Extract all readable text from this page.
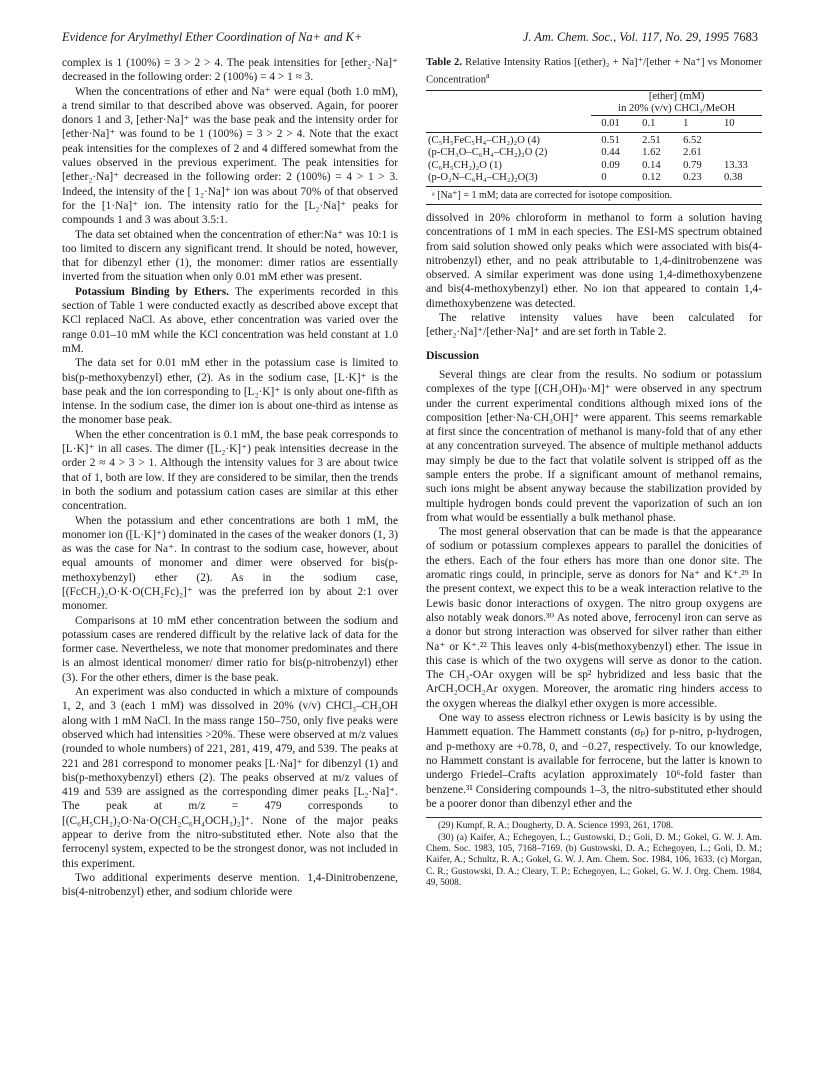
Evidence for Arylmethyl Ether Coordination of Na+ and K+	J. Am. Chem. Soc., Vol. 117, No. 29, 1995 7683

complex is 1 (100%) = 3 > 2 > 4. The peak intensities for [ether₂·Na]⁺ decreased in the following order: 2 (100%) = 4 > 1 ≈ 3.

When the concentrations of ether and Na⁺ were equal (both 1.0 mM), a trend similar to that described above was observed. Again, for poorer donors 1 and 3, [ether·Na]⁺ was the base peak and the intensity order for [ether·Na]⁺ was found to be 1 (100%) = 3 > 2 > 4. Note that the exact peak intensities for the complexes of 2 and 4 differed somewhat from the values observed in the previous experiment. The peak intensities for [ether₂·Na]⁺ decreased in the following order: 2 (100%) = 4 > 1 > 3. Indeed, the intensity of the [ 1₂·Na]⁺ ion was about 70% of that observed for the [1·Na]⁺ ion. The intensity ratio for the [L₂·Na]⁺ peaks for compounds 1 and 3 was about 3.5:1.

The data set obtained when the concentration of ether:Na⁺ was 10:1 is too limited to discern any significant trend. It should be noted, however, that for dibenzyl ether (1), the monomer: dimer ratios are essentially inverted from the situation when only 0.01 mM ether was present.

Potassium Binding by Ethers. The experiments recorded in this section of Table 1 were conducted exactly as described above except that KCl replaced NaCl. As above, ether concentration was varied over the range 0.01–10 mM while the KCl concentration was held constant at 1.0 mM.

The data set for 0.01 mM ether in the potassium case is limited to bis(p-methoxybenzyl) ether, (2). As in the sodium case, [L·K]⁺ is the base peak and the ion corresponding to [L₂·K]⁺ is only about one-fifth as intense. In the sodium case, the dimer ion is about one-third as intense as the monomer base peak.

When the ether concentration is 0.1 mM, the base peak corresponds to [L·K]⁺ in all cases. The dimer ([L₂·K]⁺) peak intensities decrease in the order 2 ≈ 4 > 3 > 1. Although the intensity values for 3 are about twice that of 1, both are low. If they are considered to be similar, then the trends in both the sodium and potassium cation cases are similar at this ether concentration.

When the potassium and ether concentrations are both 1 mM, the monomer ion ([L·K]⁺) dominated in the cases of the weaker donors (1, 3) as was the case for Na⁺. In contrast to the sodium case, however, about equal amounts of monomer and dimer were observed for bis(p-methoxybenzyl) ether (2). As in the sodium case, [(FcCH₂)₂O·K·O(CH₂Fc)₂]⁺ was the preferred ion by about 2:1 over monomer.

Comparisons at 10 mM ether concentration between the sodium and potassium cases are rendered difficult by the relative lack of data for the former case. Nevertheless, we note that monomer predominates and there is an almost identical monomer/ dimer ratio for bis(p-nitrobenzyl) ether (3). For the other ethers, dimer is the base peak.

An experiment was also conducted in which a mixture of compounds 1, 2, and 3 (each 1 mM) was dissolved in 20% (v/v) CHCl₃–CH₃OH along with 1 mM NaCl. In the mass range 150–750, only five peaks were observed which had intensities >20%. These were observed at m/z values (rounded to whole numbers) of 221, 281, 419, 479, and 539. The peaks at 221 and 281 correspond to monomer peaks [L·Na]⁺ for dibenzyl (1) and bis(p-methoxybenzyl) ethers (2). The peaks observed at m/z values of 419 and 539 are assigned as the corresponding dimer peaks [L₂·Na]⁺. The peak at m/z = 479 corresponds to [(C₆H₅CH₂)₂O·Na·O(CH₂C₆H₄OCH₃)₂]⁺. None of the major peaks appear to derive from the nitro-substituted ether. Note also that the ferrocenyl system, expected to be the strongest donor, was not included in this experiment.

Two additional experiments deserve mention. 1,4-Dinitrobenzene, bis(4-nitrobenzyl) ether, and sodium chloride were

Table 2. Relative Intensity Ratios [(ether)₂ + Na]⁺/[ether + Na⁺] vs Monomer Concentration$^a$

	[ether] (mM)
in 20% (v/v) CHCl₃/MeOH			

	0.01	0.1	1	10
(C₅H₅FeC₅H₄–CH₂)₂O (4)	0.51	2.51	6.52	
(p-CH₃O–C₆H₄–CH₂)₂O (2)	0.44	1.62	2.61	
(C₆H₅CH₂)₂O (1)	0.09	0.14	0.79	13.33
(p-O₂N–C₆H₄–CH₂)₂O(3)	0	0.12	0.23	0.38
ᵃ [Na⁺] = 1 mM; data are corrected for isotope composition.

dissolved in 20% chloroform in methanol to form a solution having concentrations of 1 mM in each species. The ESI-MS spectrum obtained from said solution showed only peaks which were associated with bis(4-nitrobenzyl) ether, and no peak attributable to 1,4-dinitrobenzene was observed. A similar experiment was done using 1,4-dimethoxybenzene and bis(4-methoxybenzyl) ether. No ion that appeared to contain 1,4-dimethoxybenzene was detected.

The relative intensity values have been calculated for [ether₂·Na]⁺/[ether·Na]⁺ and are set forth in Table 2.

Discussion

Several things are clear from the results. No sodium or potassium complexes of the type [(CH₃OH)ₙ·M]⁺ were observed in any spectrum under the current experimental conditions although mixed ions of the composition [ether·Na·CH₃OH]⁺ were apparent. This seems remarkable at first since the concentration of methanol is many-fold that of any ether at any concentration surveyed. The absence of multiple methanol adducts may simply be due to the fact that volatile solvent is stripped off as the sample enters the probe. If a significant amount of methanol remains, such ions might be absent anyway because the stabilization provided by multiple hydrogen bonds could prevent the vaporization of such an ion from what would be essentially a bulk methanol phase.

The most general observation that can be made is that the appearance of sodium or potassium complexes appears to parallel the donicities of the ethers. Each of the four ethers has more than one donor site. The aromatic rings could, in principle, serve as donors for Na⁺ and K⁺.²⁹ In the present context, we expect this to be a weak interaction relative to the Lewis basic donor interactions of oxygen. The nitro group oxygens are also notably weak donors.³⁰ As noted above, ferrocenyl iron can serve as a donor but strong interaction was observed for silver rather than either Na⁺ or K⁺.²² This leaves only 4-bis(methoxybenzyl) ether. The issue in this case is which of the two oxygens will serve as donor to the cation. The CH₃-OAr oxygen will be sp² hybridized and less basic that the ArCH₂OCH₂Ar oxygen. Moreover, the aromatic ring hinders access to the oxygen whereas the dialkyl ether oxygen is more accessible.

One way to assess electron richness or Lewis basicity is by using the Hammett equation. The Hammett constants (σₚ) for p-nitro, p-hydrogen, and p-methoxy are +0.78, 0, and −0.27, respectively. To our knowledge, no Hammett constant is available for ferrocene, but the latter is known to undergo Friedel–Crafts acylation approximately 10⁶-fold faster than benzene.³¹ Considering compounds 1–3, the nitro-substituted ether should be a poorer donor than dibenzyl ether and the

(29) Kumpf, R. A.; Dougherty, D. A. Science 1993, 261, 1708.

(30) (a) Kaifer, A.; Echegoyen, L.; Gustowski, D.; Goli, D. M.; Gokel, G. W. J. Am. Chem. Soc. 1983, 105, 7168–7169. (b) Gustowski, D. A.; Echegoyen, L.; Goli, D. M.; Kaifer, A.; Schultz, R. A.; Gokel, G. W. J. Am. Chem. Soc. 1984, 106, 1633. (c) Morgan, C. R.; Gustowski, D. A.; Cleary, T. P.; Echegoyen, L.; Gokel, G. W. J. Org. Chem. 1984, 49, 5008.
